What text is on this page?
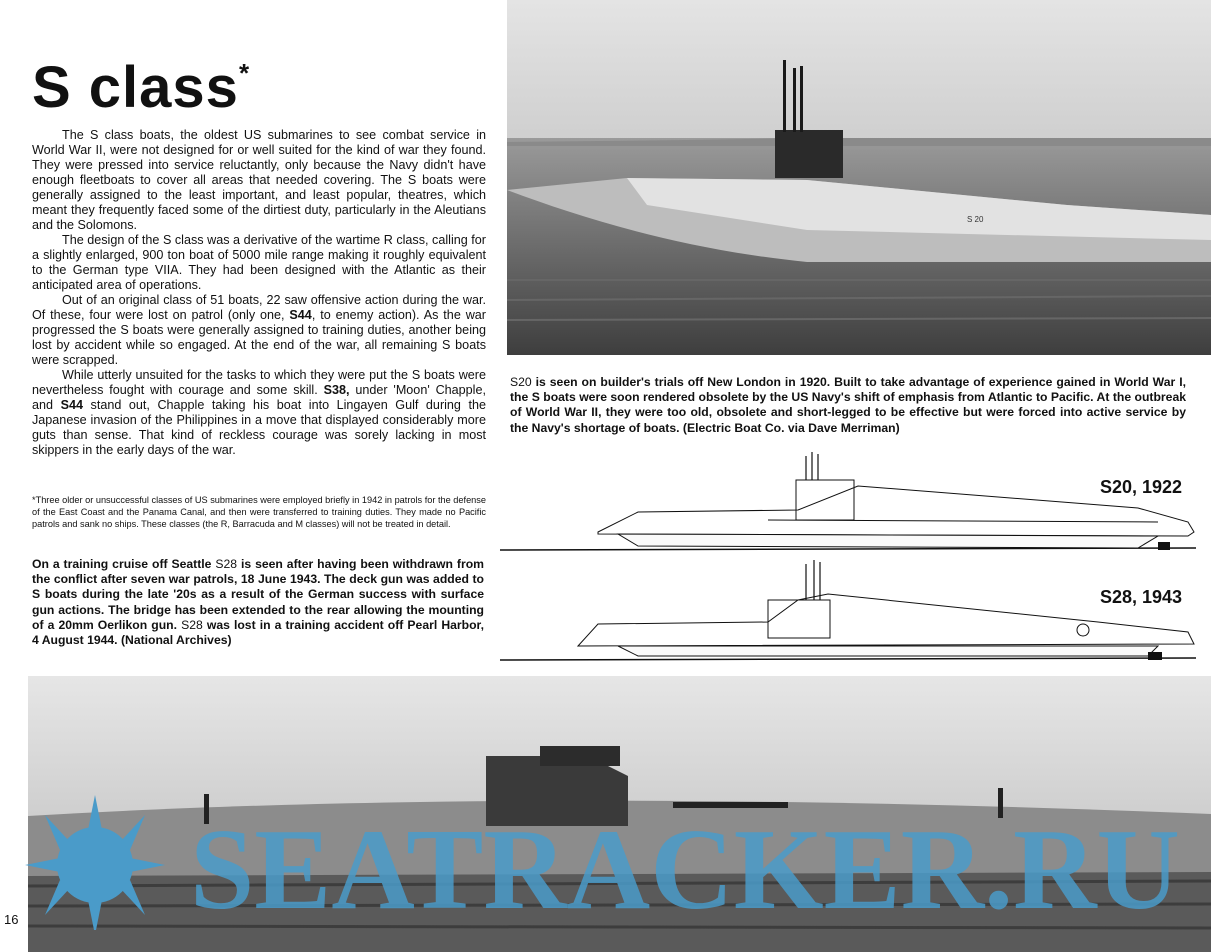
S class*

The S class boats, the oldest US submarines to see combat service in World War II, were not designed for or well suited for the kind of war they found. They were pressed into service reluctantly, only because the Navy didn't have enough fleetboats to cover all areas that needed covering. The S boats were generally assigned to the least important, and least popular, theatres, which meant they frequently faced some of the dirtiest duty, particularly in the Aleutians and the Solomons.

The design of the S class was a derivative of the wartime R class, calling for a slightly enlarged, 900 ton boat of 5000 mile range making it roughly equivalent to the German type VIIA. They had been designed with the Atlantic as their anticipated area of operations.

Out of an original class of 51 boats, 22 saw offensive action during the war. Of these, four were lost on patrol (only one, S44, to enemy action). As the war progressed the S boats were generally assigned to training duties, another being lost by accident while so engaged. At the end of the war, all remaining S boats were scrapped.

While utterly unsuited for the tasks to which they were put the S boats were nevertheless fought with courage and some skill. S38, under 'Moon' Chapple, and S44 stand out, Chapple taking his boat into Lingayen Gulf during the Japanese invasion of the Philippines in a move that displayed considerably more guts than sense. That kind of reckless courage was sorely lacking in most skippers in the early days of the war.

*Three older or unsuccessful classes of US submarines were employed briefly in 1942 in patrols for the defense of the East Coast and the Panama Canal, and then were transferred to training duties. They made no Pacific patrols and sank no ships. These classes (the R, Barracuda and M classes) will not be treated in detail.
On a training cruise off Seattle S28 is seen after having been withdrawn from the conflict after seven war patrols, 18 June 1943. The deck gun was added to S boats during the late '20s as a result of the German success with surface gun actions. The bridge has been extended to the rear allowing the mounting of a 20mm Oerlikon gun. S28 was lost in a training accident off Pearl Harbor, 4 August 1944. (National Archives)
S 20
S20 is seen on builder's trials off New London in 1920. Built to take advantage of experience gained in World War I, the S boats were soon rendered obsolete by the US Navy's shift of emphasis from Atlantic to Pacific. At the outbreak of World War II, they were too old, obsolete and short-legged to be effective but were forced into active service by the Navy's shortage of boats. (Electric Boat Co. via Dave Merriman)
S20, 1922
S28, 1943
SEATRACKER.RU
16
